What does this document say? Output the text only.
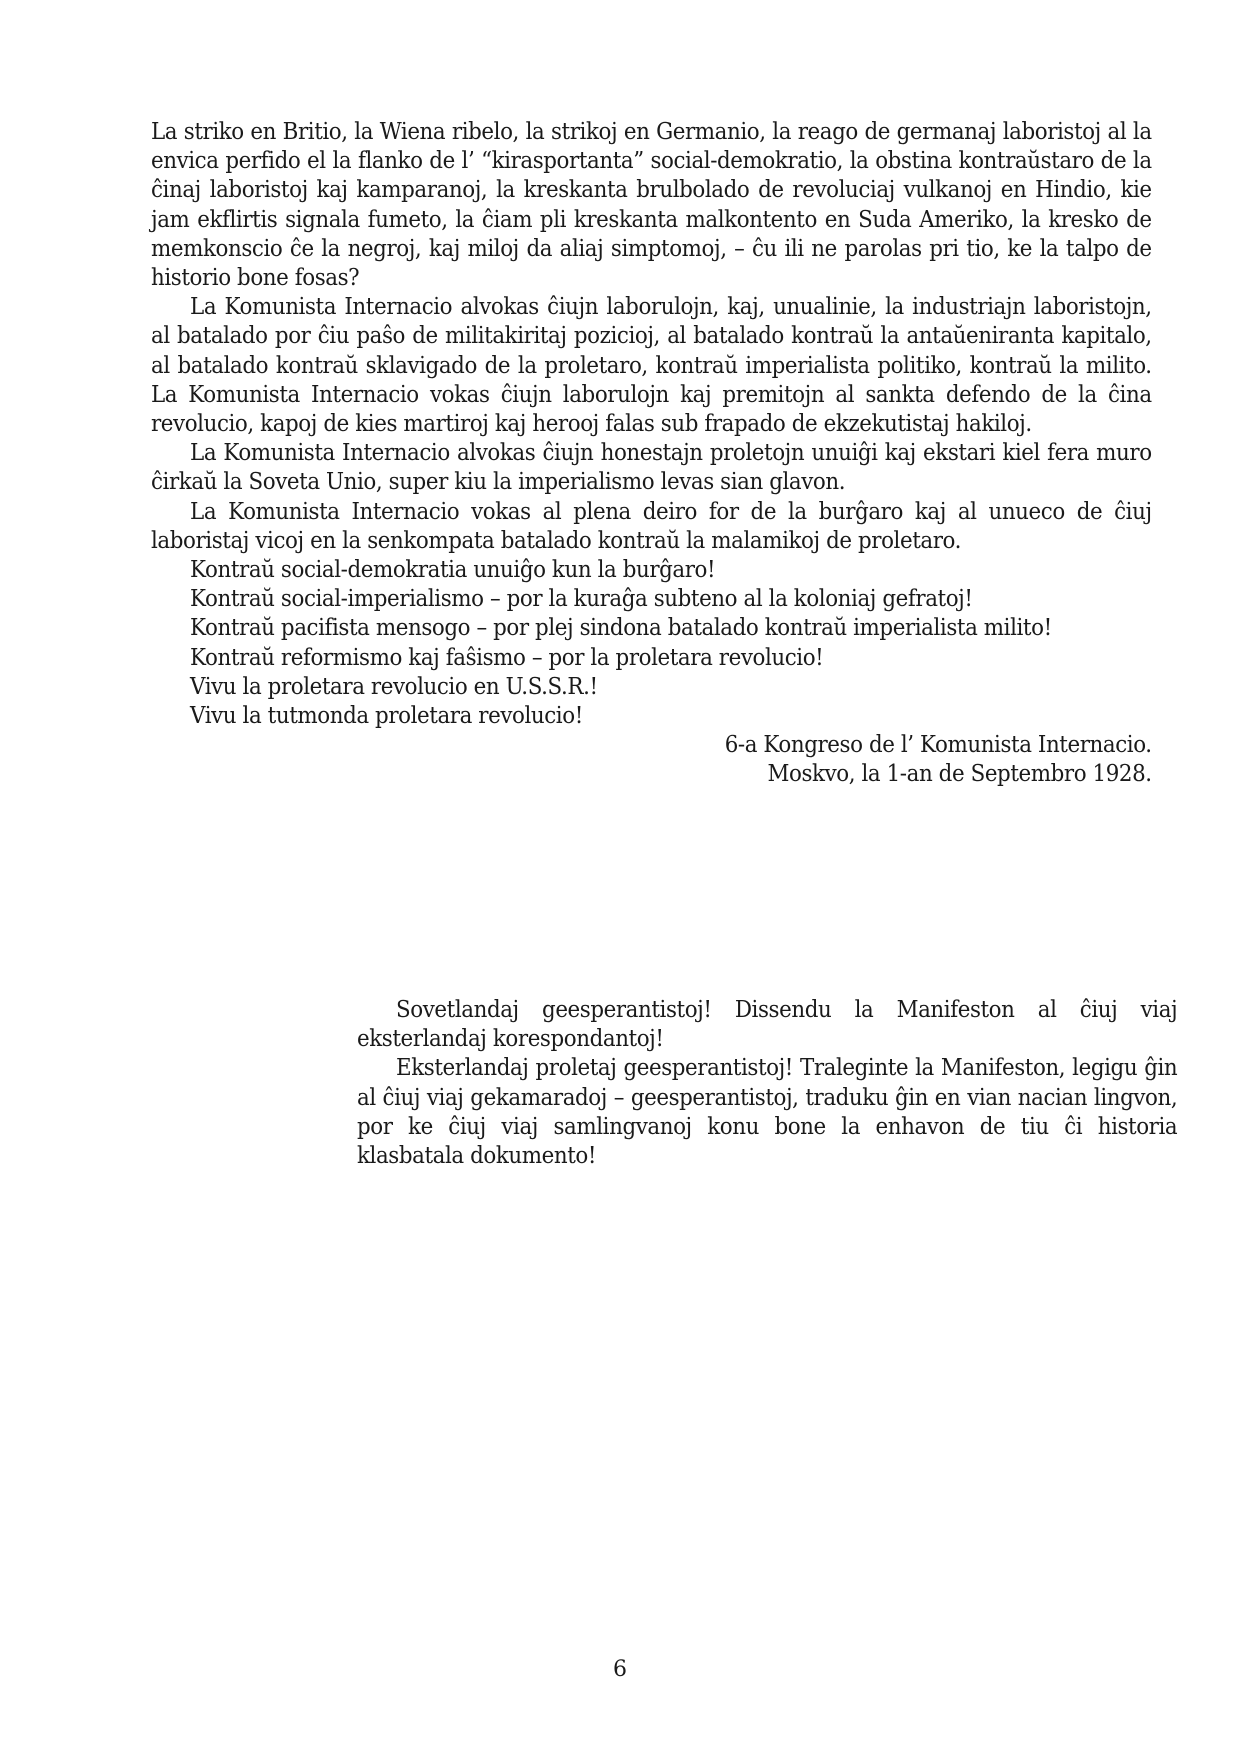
La striko en Britio, la Wiena ribelo, la strikoj en Germanio, la reago de germanaj laboristoj al la envica perfido el la flanko de l’ “kirasportanta” social-demokratio, la obstina kontraŭstaro de la ĉinaj laboristoj kaj kamparanoj, la kreskanta brulbolado de revoluciaj vulkanoj en Hindio, kie jam ekflirtis signala fumeto, la ĉiam pli kreskanta malkontento en Suda Ameriko, la kresko de memkonscio ĉe la negroj, kaj miloj da aliaj simptomoj, – ĉu ili ne parolas pri tio, ke la talpo de historio bone fosas?

La Komunista Internacio alvokas ĉiujn laborulojn, kaj, unualinie, la industriajn laboristojn, al batalado por ĉiu paŝo de militakiritaj pozicioj, al batalado kontraŭ la antaŭeniranta kapitalo, al batalado kontraŭ sklavigado de la proletaro, kontraŭ imperialista politiko, kontraŭ la milito. La Komunista Internacio vokas ĉiujn laborulojn kaj premitojn al sankta defendo de la ĉina revolucio, kapoj de kies martiroj kaj herooj falas sub frapado de ekzekutistaj hakiloj.

La Komunista Internacio alvokas ĉiujn honestajn proletojn unuiĝi kaj ekstari kiel fera muro ĉirkaŭ la Soveta Unio, super kiu la imperialismo levas sian glavon.

La Komunista Internacio vokas al plena deiro for de la burĝaro kaj al unueco de ĉiuj laboristaj vicoj en la senkompata batalado kontraŭ la malamikoj de proletaro.

Kontraŭ social-demokratia unuiĝo kun la burĝaro!

Kontraŭ social-imperialismo – por la kuraĝa subteno al la koloniaj gefratoj!

Kontraŭ pacifista mensogo – por plej sindona batalado kontraŭ imperialista milito!

Kontraŭ reformismo kaj faŝismo – por la proletara revolucio!

Vivu la proletara revolucio en U.S.S.R.!

Vivu la tutmonda proletara revolucio!

6-a Kongreso de l’ Komunista Internacio.

Moskvo, la 1-an de Septembro 1928.

Sovetlandaj geesperantistoj! Dissendu la Manifeston al ĉiuj viaj eksterlandaj korespondantoj!

Eksterlandaj proletaj geesperantistoj! Traleginte la Manifeston, legigu ĝin al ĉiuj viaj gekamaradoj – geesperantistoj, traduku ĝin en vian nacian lingvon, por ke ĉiuj viaj samlingvanoj konu bone la enhavon de tiu ĉi historia klasbatala dokumento!

6
